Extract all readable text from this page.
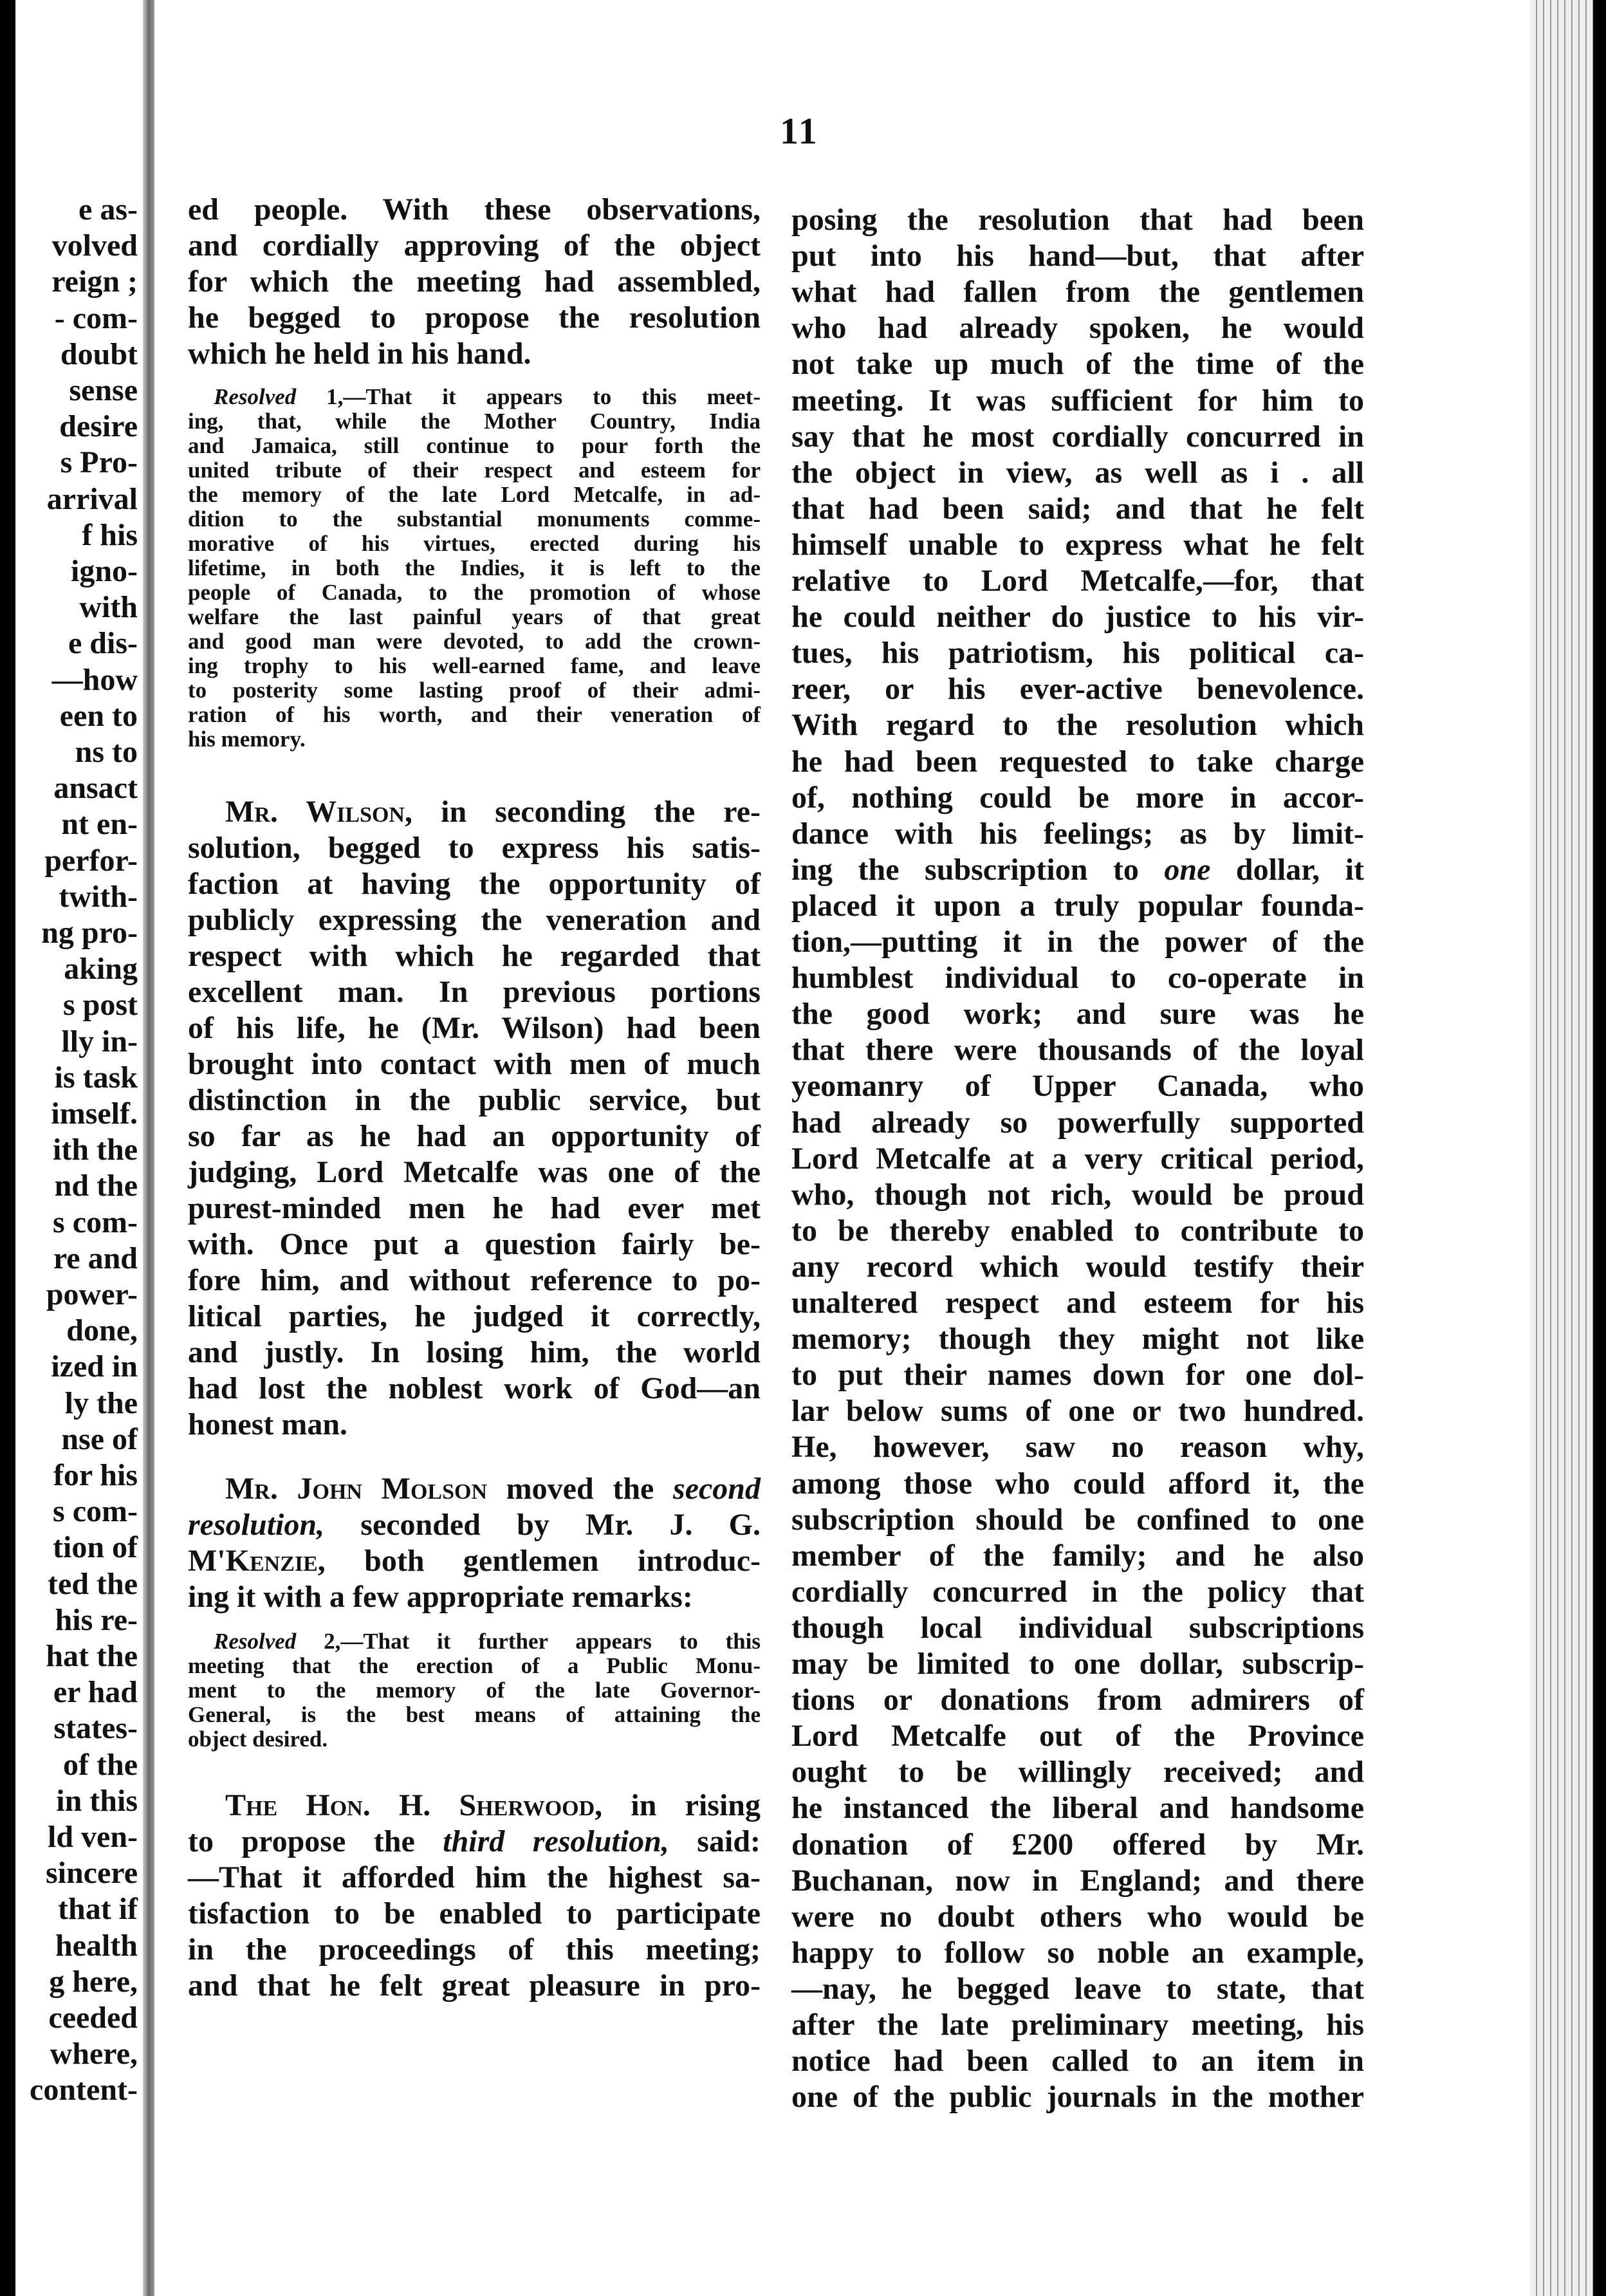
e as-
volved
reign ;
- com-
doubt
sense
desire
s Pro-
arrival
f his
igno-
with
e dis-
—how
een to
ns to
ansact
nt en-
perfor-
twith-
ng pro-
aking
s post
lly in-
is task
imself.
ith the
nd the
s com-
re and
power-
done,
ized in
ly the
nse of
for his
s com-
tion of
ted the
his re-
hat the
er had
states-
of the
in this
ld ven-
sincere
that if
health
g here,
ceeded
where,
content-
11
ed people. With these observations,
and cordially approving of the object
for which the meeting had assembled,
he begged to propose the resolution
which he held in his hand.
Resolved 1,—That it appears to this meet-
ing, that, while the Mother Country, India
and Jamaica, still continue to pour forth the
united tribute of their respect and esteem for
the memory of the late Lord Metcalfe, in ad-
dition to the substantial monuments comme-
morative of his virtues, erected during his
lifetime, in both the Indies, it is left to the
people of Canada, to the promotion of whose
welfare the last painful years of that great
and good man were devoted, to add the crown-
ing trophy to his well-earned fame, and leave
to posterity some lasting proof of their admi-
ration of his worth, and their veneration of
his memory.
Mr. Wilson, in seconding the re-
solution, begged to express his satis-
faction at having the opportunity of
publicly expressing the veneration and
respect with which he regarded that
excellent man. In previous portions
of his life, he (Mr. Wilson) had been
brought into contact with men of much
distinction in the public service, but
so far as he had an opportunity of
judging, Lord Metcalfe was one of the
purest-minded men he had ever met
with. Once put a question fairly be-
fore him, and without reference to po-
litical parties, he judged it correctly,
and justly. In losing him, the world
had lost the noblest work of God—an
honest man.
Mr. John Molson moved the second
resolution, seconded by Mr. J. G.
M'Kenzie, both gentlemen introduc-
ing it with a few appropriate remarks:
Resolved 2,—That it further appears to this
meeting that the erection of a Public Monu-
ment to the memory of the late Governor-
General, is the best means of attaining the
object desired.
The Hon. H. Sherwood, in rising
to propose the third resolution, said:
—That it afforded him the highest sa-
tisfaction to be enabled to participate
in the proceedings of this meeting;
and that he felt great pleasure in pro-
posing the resolution that had been
put into his hand—but, that after
what had fallen from the gentlemen
who had already spoken, he would
not take up much of the time of the
meeting. It was sufficient for him to
say that he most cordially concurred in
the object in view, as well as i . all
that had been said; and that he felt
himself unable to express what he felt
relative to Lord Metcalfe,—for, that
he could neither do justice to his vir-
tues, his patriotism, his political ca-
reer, or his ever-active benevolence.
With regard to the resolution which
he had been requested to take charge
of, nothing could be more in accor-
dance with his feelings; as by limit-
ing the subscription to one dollar, it
placed it upon a truly popular founda-
tion,—putting it in the power of the
humblest individual to co-operate in
the good work; and sure was he
that there were thousands of the loyal
yeomanry of Upper Canada, who
had already so powerfully supported
Lord Metcalfe at a very critical period,
who, though not rich, would be proud
to be thereby enabled to contribute to
any record which would testify their
unaltered respect and esteem for his
memory; though they might not like
to put their names down for one dol-
lar below sums of one or two hundred.
He, however, saw no reason why,
among those who could afford it, the
subscription should be confined to one
member of the family; and he also
cordially concurred in the policy that
though local individual subscriptions
may be limited to one dollar, subscrip-
tions or donations from admirers of
Lord Metcalfe out of the Province
ought to be willingly received; and
he instanced the liberal and handsome
donation of £200 offered by Mr.
Buchanan, now in England; and there
were no doubt others who would be
happy to follow so noble an example,
—nay, he begged leave to state, that
after the late preliminary meeting, his
notice had been called to an item in
one of the public journals in the mother
